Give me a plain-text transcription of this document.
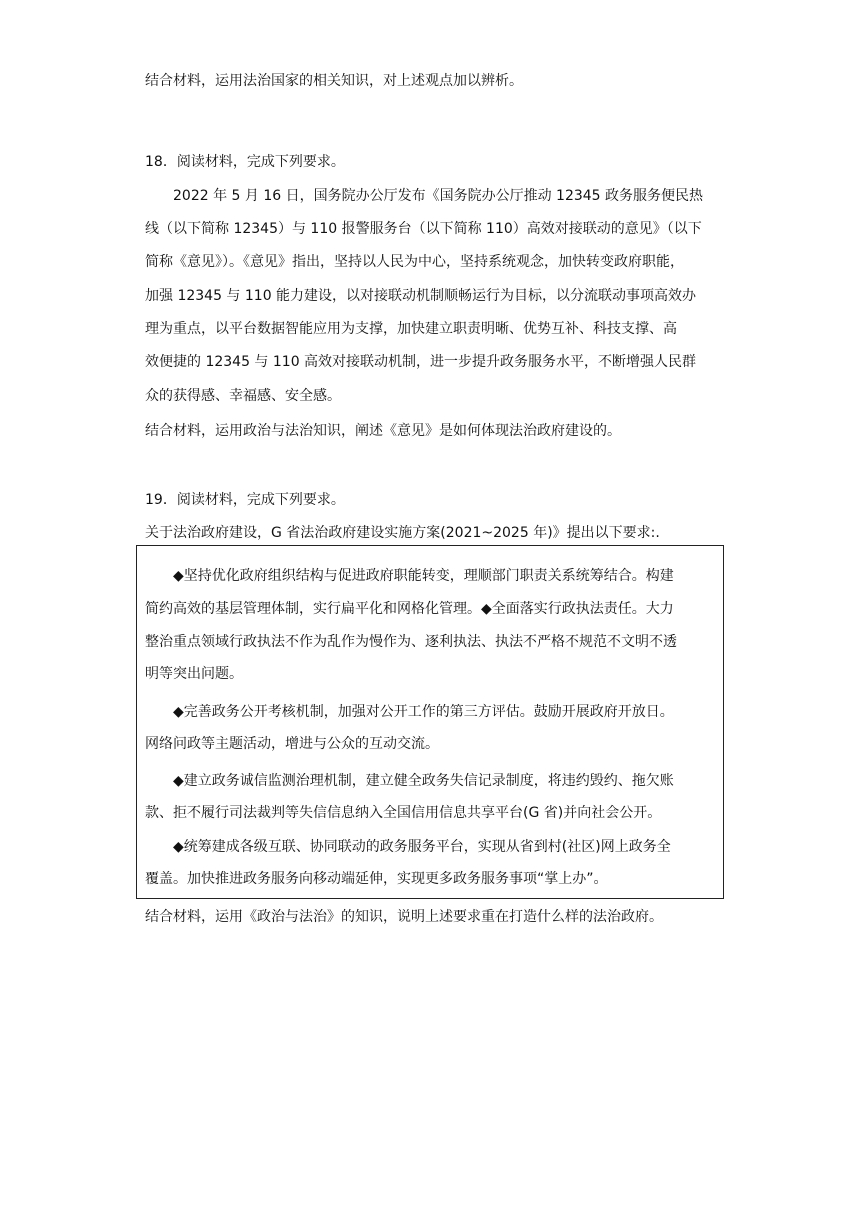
结合材料，运用法治国家的相关知识，对上述观点加以辨析。
18．阅读材料，完成下列要求。
2022 年 5 月 16 日，国务院办公厅发布《国务院办公厅推动 12345 政务服务便民热
线（以下简称 12345）与 110 报警服务台（以下简称 110）高效对接联动的意见》（以下
简称《意见》）。《意见》指出，坚持以人民为中心，坚持系统观念，加快转变政府职能，
加强 12345 与 110 能力建设，以对接联动机制顺畅运行为目标，以分流联动事项高效办
理为重点，以平台数据智能应用为支撑，加快建立职责明晰、优势互补、科技支撑、高
效便捷的 12345 与 110 高效对接联动机制，进一步提升政务服务水平，不断增强人民群
众的获得感、幸福感、安全感。
结合材料，运用政治与法治知识，阐述《意见》是如何体现法治政府建设的。
19．阅读材料，完成下列要求。
关于法治政府建设，G 省法治政府建设实施方案(2021~2025 年)》提出以下要求:.
◆坚持优化政府组织结构与促进政府职能转变，理顺部门职责关系统筹结合。构建
简约高效的基层管理体制，实行扁平化和网格化管理。◆全面落实行政执法责任。大力
整治重点领域行政执法不作为乱作为慢作为、逐利执法、执法不严格不规范不文明不透
明等突出问题。
◆完善政务公开考核机制，加强对公开工作的第三方评估。鼓励开展政府开放日。
网络问政等主题活动，增进与公众的互动交流。
◆建立政务诚信监测治理机制，建立健全政务失信记录制度，将违约毁约、拖欠账
款、拒不履行司法裁判等失信信息纳入全国信用信息共享平台(G 省)并向社会公开。
◆统筹建成各级互联、协同联动的政务服务平台，实现从省到村(社区)网上政务全
覆盖。加快推进政务服务向移动端延伸，实现更多政务服务事项“掌上办”。
结合材料，运用《政治与法治》的知识，说明上述要求重在打造什么样的法治政府。
